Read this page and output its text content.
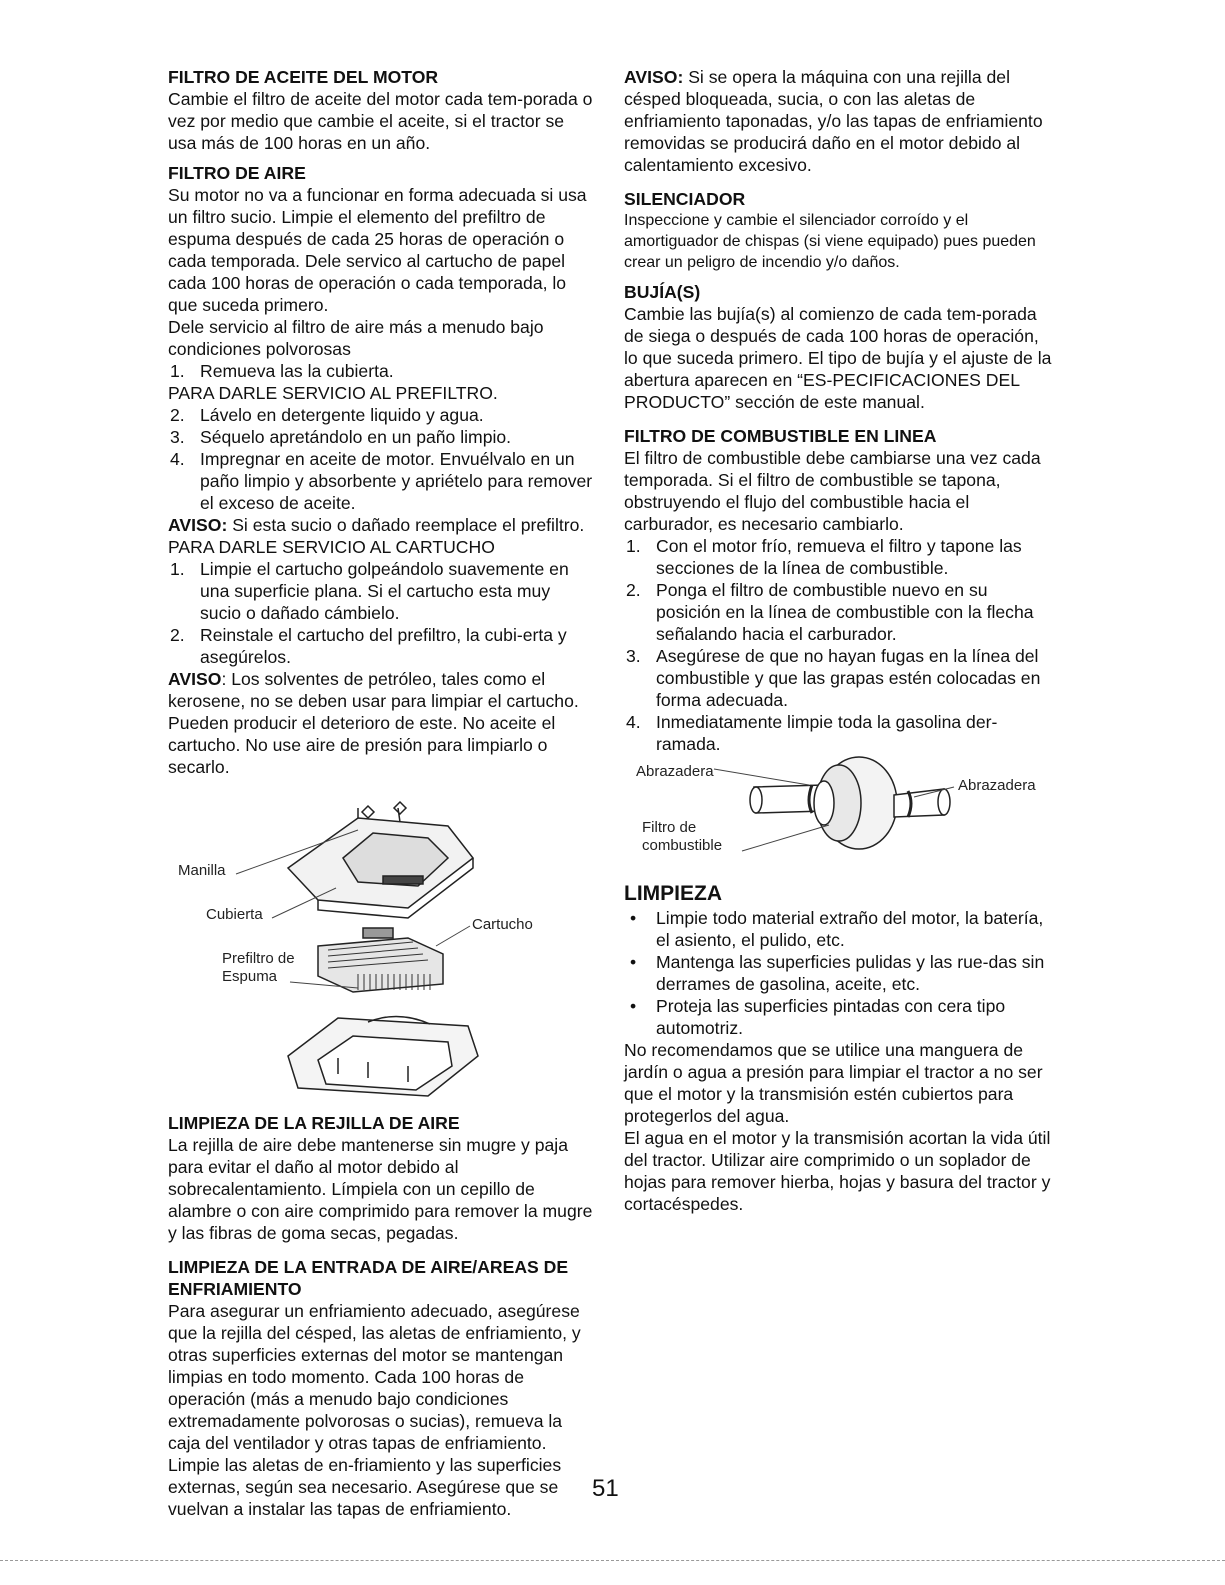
FILTRO DE ACEITE DEL MOTOR

Cambie el filtro de aceite del motor cada tem-porada o vez por medio que cambie el aceite, si el tractor se usa más de 100 horas en un año.

FILTRO DE AIRE

Su motor no va a funcionar en forma adecuada si usa un filtro sucio. Limpie el elemento del prefiltro de espuma después de cada 25 horas de operación o cada temporada. Dele servico al cartucho de papel cada 100 horas de operación o cada temporada, lo que suceda primero.

Dele servicio al filtro de aire más a menudo bajo condiciones polvorosas

1. Remueva las la cubierta.

PARA DARLE SERVICIO AL PREFILTRO.

2. Lávelo en detergente liquido y agua.
3. Séquelo apretándolo en un paño limpio.
4. Impregnar en aceite de motor. Envuélvalo en un paño limpio y absorbente y apriételo para remover el exceso de aceite.

AVISO: Si esta sucio o dañado reemplace el prefiltro.

PARA DARLE SERVICIO AL CARTUCHO

1. Limpie el cartucho golpeándolo suavemente en una superficie plana. Si el cartucho esta muy sucio o dañado cámbielo.
2. Reinstale el cartucho del prefiltro, la cubi-erta y asegúrelos.

AVISO: Los solventes de petróleo, tales como el kerosene, no se deben usar para limpiar el cartucho. Pueden producir el deterioro de este. No aceite el cartucho. No use aire de presión para limpiarlo o secarlo.

Manilla
Cubierta
Cartucho
Prefiltro de
Espuma
LIMPIEZA DE LA REJILLA DE AIRE

La rejilla de aire debe mantenerse sin mugre y paja para evitar el daño al motor debido al sobrecalentamiento. Límpiela con un cepillo de alambre o con aire comprimido para remover la mugre y las fibras de goma secas, pegadas.

LIMPIEZA DE LA ENTRADA DE AIRE/AREAS DE ENFRIAMIENTO

Para asegurar un enfriamiento adecuado, asegúrese que la rejilla del césped, las aletas de enfriamiento, y otras superficies externas del motor se mantengan limpias en todo momento. Cada 100 horas de operación (más a menudo bajo condiciones extremadamente polvorosas o sucias), remueva la caja del ventilador y otras tapas de enfriamiento. Limpie las aletas de en-friamiento y las superficies externas, según sea necesario. Asegúrese que se vuelvan a instalar las tapas de enfriamiento.

AVISO: Si se opera la máquina con una rejilla del césped bloqueada, sucia, o con las aletas de enfriamiento taponadas, y/o las tapas de enfriamiento removidas se producirá daño en el motor debido al calentamiento excesivo.

SILENCIADOR

Inspeccione y cambie el silenciador corroído y el amortiguador de chispas (si viene equipado) pues pueden crear un peligro de incendio y/o daños.

BUJÍA(S)

Cambie las bujía(s) al comienzo de cada tem-porada de siega o después de cada 100 horas de operación, lo que suceda primero. El tipo de bujía y el ajuste de la abertura aparecen en “ES-PECIFICACIONES DEL PRODUCTO” sección de este manual.

FILTRO DE COMBUSTIBLE EN LINEA

El filtro de combustible debe cambiarse una vez cada temporada. Si el filtro de combustible se tapona, obstruyendo el flujo del combustible hacia el carburador, es necesario cambiarlo.

1. Con el motor frío, remueva el filtro y tapone las secciones de la línea de combustible.
2. Ponga el filtro de combustible nuevo en su posición en la línea de combustible con la flecha señalando hacia el carburador.
3. Asegúrese de que no hayan fugas en la línea del combustible y que las grapas estén colocadas en forma adecuada.
4. Inmediatamente limpie toda la gasolina der-ramada.
Abrazadera
Abrazadera
Filtro de
combustible
LIMPIEZA
• Limpie todo material extraño del motor, la batería, el asiento, el pulido, etc.
• Mantenga las superficies pulidas y las rue-das sin derrames de gasolina, aceite, etc.
• Proteja las superficies pintadas con cera tipo automotriz.

No recomendamos que se utilice una manguera de jardín o agua a presión para limpiar el tractor a no ser que el motor y la transmisión estén cubiertos para protegerlos del agua.

El agua en el motor y la transmisión acortan la vida útil del tractor. Utilizar aire comprimido o un soplador de hojas para remover hierba, hojas y basura del tractor y cortacéspedes.

51
